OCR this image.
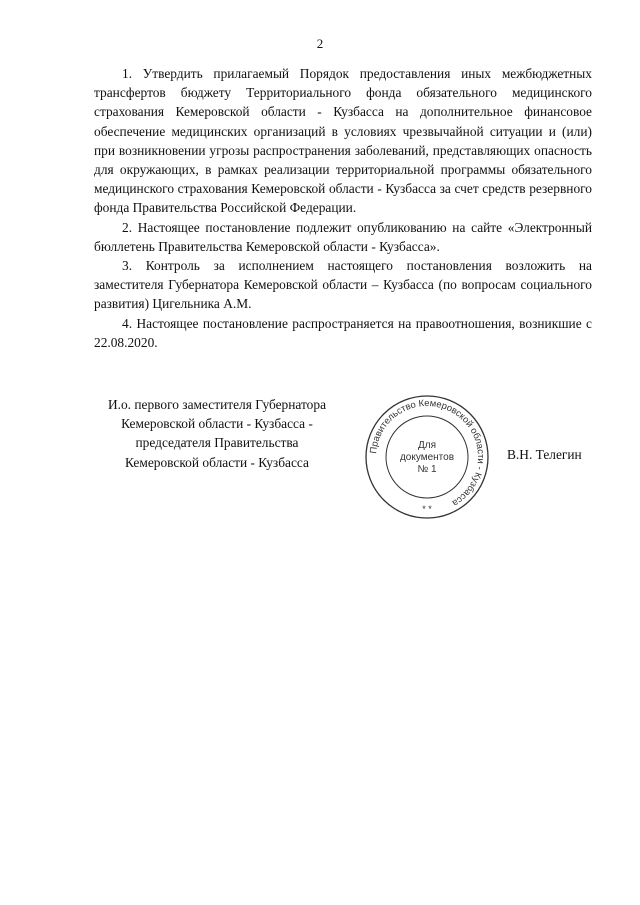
2

1. Утвердить прилагаемый Порядок предоставления иных межбюджетных трансфертов бюджету Территориального фонда обязательного медицинского страхования Кемеровской области - Кузбасса на дополнительное финансовое обеспечение медицинских организаций в условиях чрезвычайной ситуации и (или) при возникновении угрозы распространения заболеваний, представляющих опасность для окружающих, в рамках реализации территориальной программы обязательного медицинского страхования Кемеровской области - Кузбасса за счет средств резервного фонда Правительства Российской Федерации.

2. Настоящее постановление подлежит опубликованию на сайте «Электронный бюллетень Правительства Кемеровской области - Кузбасса».

3. Контроль за исполнением настоящего постановления возложить на заместителя Губернатора Кемеровской области – Кузбасса (по вопросам социального развития) Цигельника А.М.

4. Настоящее постановление распространяется на правоотношения, возникшие с 22.08.2020.

И.о. первого заместителя Губернатора
Кемеровской области - Кузбасса -
председателя Правительства
Кемеровской области - Кузбасса
Правительство Кемеровской области - Кузбасса
Для
документов
№ 1
* *
В.Н. Телегин
